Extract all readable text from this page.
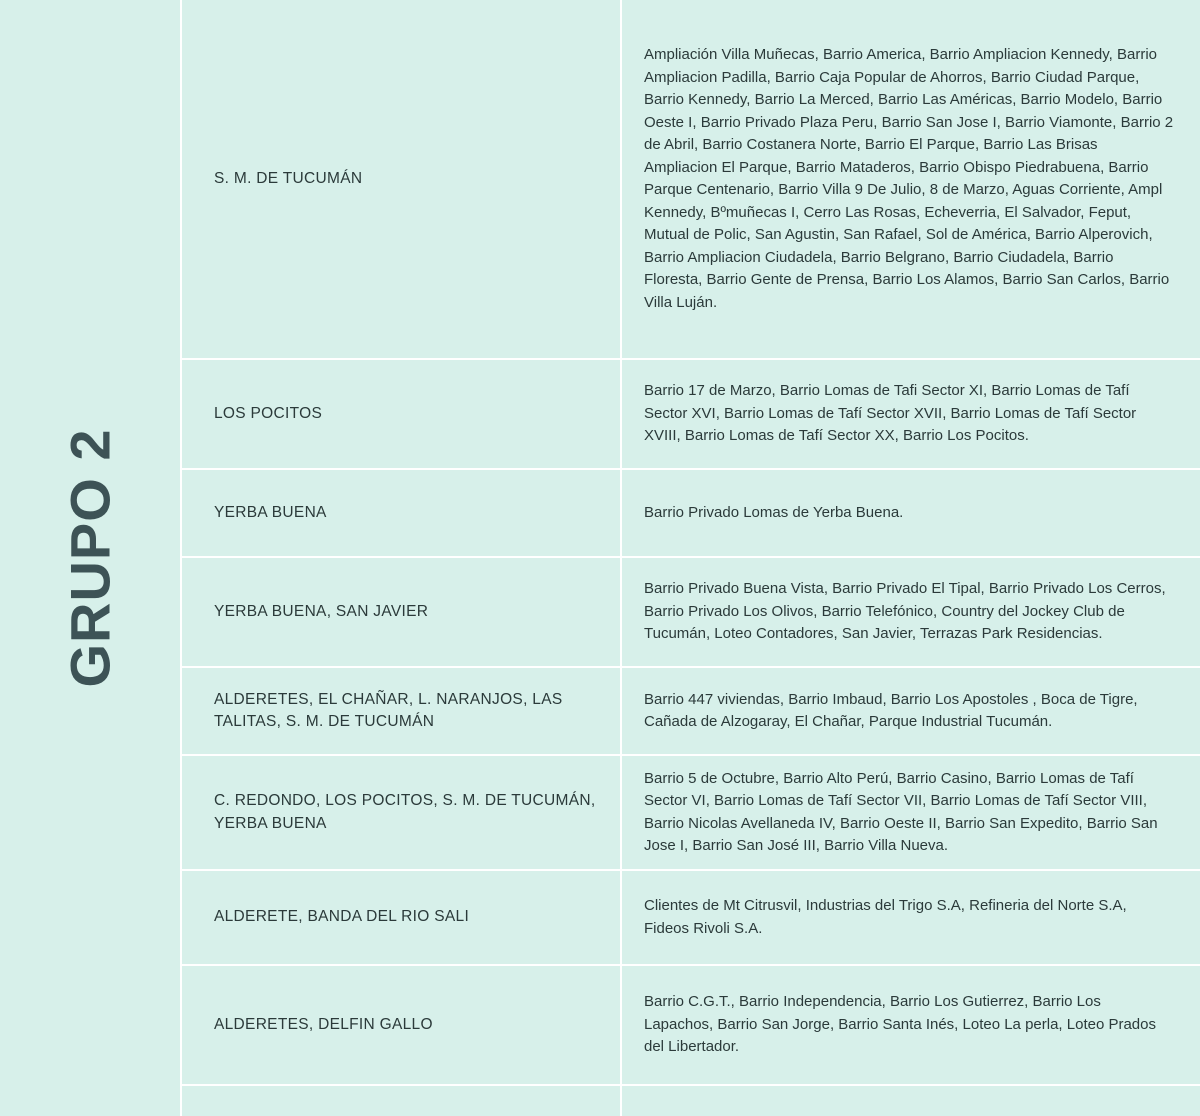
GRUPO 2
S. M. DE TUCUMÁN
Ampliación Villa Muñecas, Barrio America, Barrio Ampliacion Kennedy, Barrio Ampliacion Padilla, Barrio Caja Popular de Ahorros, Barrio Ciudad Parque, Barrio Kennedy, Barrio La Merced, Barrio Las Américas, Barrio Modelo, Barrio Oeste I, Barrio Privado Plaza Peru, Barrio San Jose I, Barrio Viamonte, Barrio 2 de Abril, Barrio Costanera Norte, Barrio El Parque, Barrio Las Brisas Ampliacion El Parque, Barrio Mataderos, Barrio Obispo Piedrabuena, Barrio Parque Centenario, Barrio Villa 9 De Julio, 8 de Marzo, Aguas Corriente, Ampl Kennedy, Bºmuñecas I, Cerro Las Rosas, Echeverria, El Salvador, Feput, Mutual de Polic, San Agustin, San Rafael, Sol de América, Barrio Alperovich, Barrio Ampliacion Ciudadela, Barrio Belgrano, Barrio Ciudadela, Barrio Floresta, Barrio Gente de Prensa, Barrio Los Alamos, Barrio San Carlos, Barrio Villa Luján.
LOS POCITOS
Barrio 17 de Marzo, Barrio Lomas de Tafi Sector XI, Barrio Lomas de Tafí Sector XVI, Barrio Lomas de Tafí Sector XVII, Barrio Lomas de Tafí Sector XVIII, Barrio Lomas de Tafí Sector XX, Barrio Los Pocitos.
YERBA BUENA	Barrio Privado Lomas de Yerba Buena.
YERBA BUENA, SAN JAVIER
Barrio Privado Buena Vista, Barrio Privado El Tipal, Barrio Privado Los Cerros, Barrio Privado Los Olivos, Barrio Telefónico, Country del Jockey Club de Tucumán, Loteo Contadores, San Javier, Terrazas Park Residencias.
ALDERETES, EL CHAÑAR, L. NARANJOS, LAS TALITAS, S. M. DE TUCUMÁN
Barrio 447 viviendas, Barrio Imbaud, Barrio Los Apostoles , Boca de Tigre, Cañada de Alzogaray, El Chañar, Parque Industrial Tucumán.
C. REDONDO, LOS POCITOS, S. M. DE TUCUMÁN, YERBA BUENA
Barrio 5 de Octubre, Barrio Alto Perú, Barrio Casino, Barrio Lomas de Tafí Sector VI, Barrio Lomas de Tafí Sector VII, Barrio Lomas de Tafí Sector VIII, Barrio Nicolas Avellaneda IV, Barrio Oeste II, Barrio San Expedito, Barrio San Jose I, Barrio San José III, Barrio Villa Nueva.
ALDERETE, BANDA DEL RIO SALI
Clientes de Mt Citrusvil, Industrias del Trigo S.A, Refineria del Norte S.A, Fideos Rivoli S.A.
ALDERETES, DELFIN GALLO
Barrio C.G.T., Barrio Independencia, Barrio Los Gutierrez, Barrio Los Lapachos, Barrio San Jorge, Barrio Santa Inés, Loteo La perla, Loteo Prados del Libertador.
